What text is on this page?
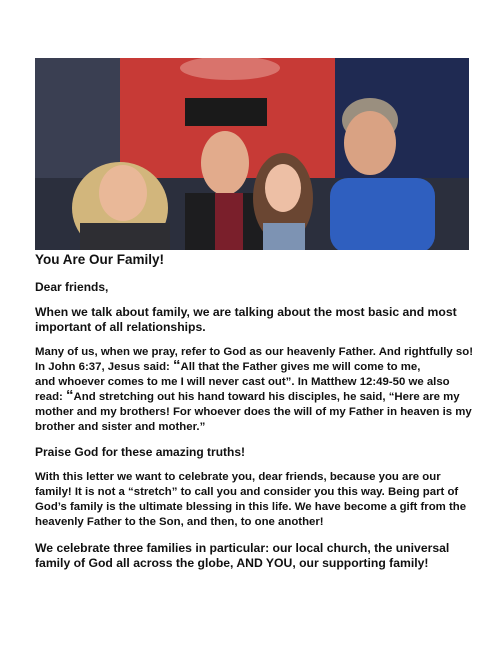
You Are Our Family!
Dear friends,
When we talk about family, we are talking about the most basic and most important of all relationships.

Many of us, when we pray, refer to God as our heavenly Father. And rightfully so!
In John 6:37, Jesus said: “All that the Father gives me will come to me,
and whoever comes to me I will never cast out”. In Matthew 12:49-50 we also
read: “And stretching out his hand toward his disciples, he said, “Here are my
mother and my brothers! For whoever does the will of my Father in heaven is my
brother and sister and mother.”

Praise God for these amazing truths!

With this letter we want to celebrate you, dear friends, because you are our family! It is not a “stretch” to call you and consider you this way. Being part of God’s family is the ultimate blessing in this life. We have become a gift from the heavenly Father to the Son, and then, to one another!

We celebrate three families in particular: our local church, the universal family of God all across the globe, AND YOU, our supporting family!
